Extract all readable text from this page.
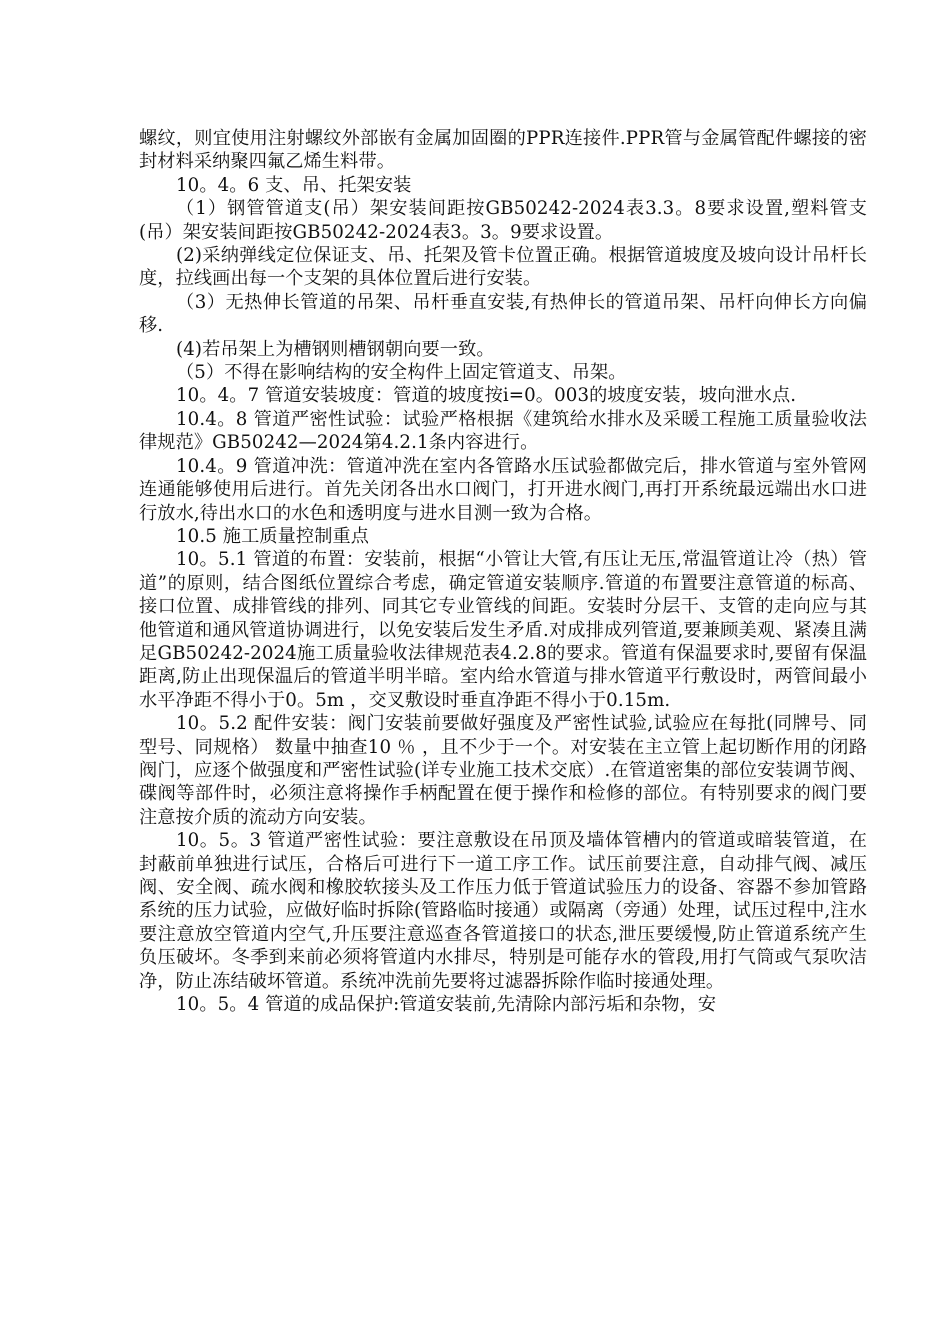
螺纹，则宜使用注射螺纹外部嵌有金属加固圈的PPR连接件.PPR管与金属管配件螺接的密封材料采纳聚四氟乙烯生料带。

10。4。6 支、吊、托架安装

（1）钢管管道支(吊）架安装间距按GB50242-2024表3.3。8要求设置,塑料管支(吊）架安装间距按GB50242-2024表3。3。9要求设置。

(2)采纳弹线定位保证支、吊、托架及管卡位置正确。根据管道坡度及坡向设计吊杆长度，拉线画出每一个支架的具体位置后进行安装。

（3）无热伸长管道的吊架、吊杆垂直安装,有热伸长的管道吊架、吊杆向伸长方向偏移.

(4)若吊架上为槽钢则槽钢朝向要一致。

（5）不得在影响结构的安全构件上固定管道支、吊架。

10。4。7 管道安装坡度：管道的坡度按i=0。003的坡度安装，坡向泄水点.

10.4。8 管道严密性试验：试验严格根据《建筑给水排水及采暖工程施工质量验收法律规范》GB50242—2024第4.2.1条内容进行。

10.4。9 管道冲洗：管道冲洗在室内各管路水压试验都做完后，排水管道与室外管网连通能够使用后进行。首先关闭各出水口阀门，打开进水阀门,再打开系统最远端出水口进行放水,待出水口的水色和透明度与进水目测一致为合格。

10.5 施工质量控制重点

10。5.1 管道的布置：安装前，根据“小管让大管,有压让无压,常温管道让冷（热）管道”的原则，结合图纸位置综合考虑，确定管道安装顺序.管道的布置要注意管道的标高、接口位置、成排管线的排列、同其它专业管线的间距。安装时分层干、支管的走向应与其他管道和通风管道协调进行，以免安装后发生矛盾.对成排成列管道,要兼顾美观、紧凑且满足GB50242-2024施工质量验收法律规范表4.2.8的要求。管道有保温要求时,要留有保温距离,防止出现保温后的管道半明半暗。室内给水管道与排水管道平行敷设时，两管间最小水平净距不得小于0。5m ，交叉敷设时垂直净距不得小于0.15m.

10。5.2 配件安装：阀门安装前要做好强度及严密性试验,试验应在每批(同牌号、同型号、同规格） 数量中抽查10 ％ ，且不少于一个。对安装在主立管上起切断作用的闭路阀门，应逐个做强度和严密性试验(详专业施工技术交底）.在管道密集的部位安装调节阀、碟阀等部件时，必须注意将操作手柄配置在便于操作和检修的部位。有特别要求的阀门要注意按介质的流动方向安装。

10。5。3 管道严密性试验：要注意敷设在吊顶及墙体管槽内的管道或暗装管道，在封蔽前单独进行试压，合格后可进行下一道工序工作。试压前要注意，自动排气阀、减压阀、安全阀、疏水阀和橡胶软接头及工作压力低于管道试验压力的设备、容器不参加管路系统的压力试验，应做好临时拆除(管路临时接通）或隔离（旁通）处理，试压过程中,注水要注意放空管道内空气,升压要注意巡查各管道接口的状态,泄压要缓慢,防止管道系统产生负压破坏。冬季到来前必须将管道内水排尽，特别是可能存水的管段,用打气筒或气泵吹洁净，防止冻结破坏管道。系统冲洗前先要将过滤器拆除作临时接通处理。

10。5。4 管道的成品保护:管道安装前,先清除内部污垢和杂物，安
